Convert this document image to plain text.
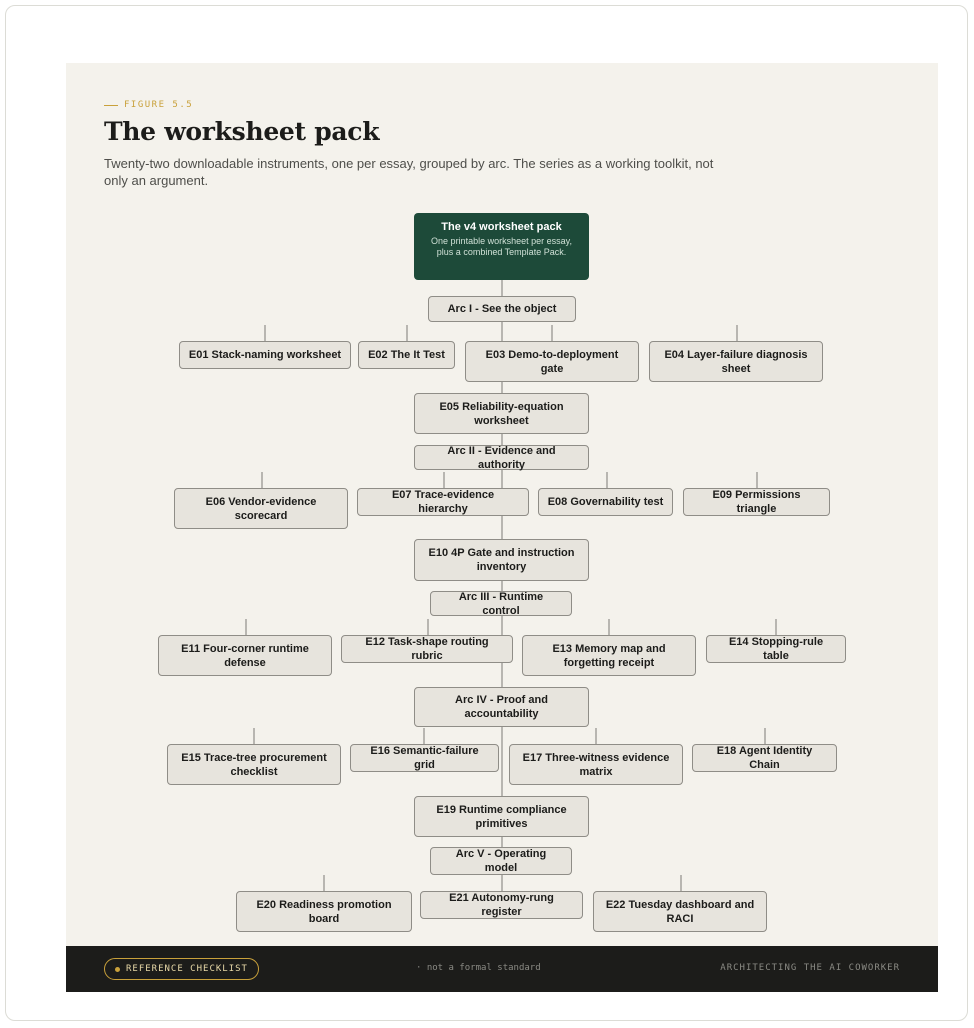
FIGURE 5.5
The worksheet pack

Twenty-two downloadable instruments, one per essay, grouped by arc. The series as a working toolkit, not only an argument.

The v4 worksheet pack
One printable worksheet per essay, plus a combined Template Pack.
Arc I - See the object
E01 Stack-naming worksheet	E02 The It Test	E03 Demo-to-deployment gate
E04 Layer-failure diagnosis sheet
E05 Reliability-equation worksheet
Arc II - Evidence and authority
E06 Vendor-evidence scorecard
E07 Trace-evidence hierarchy
E08 Governability test
E09 Permissions triangle
E10 4P Gate and instruction inventory
Arc III - Runtime control
E11 Four-corner runtime defense
E12 Task-shape routing rubric
E13 Memory map and forgetting receipt
E14 Stopping-rule table
E15 Trace-tree procurement checklist
Arc IV - Proof and accountability
E16 Semantic-failure grid
E17 Three-witness evidence matrix
E18 Agent Identity Chain
E19 Runtime compliance primitives
Arc V - Operating model
E20 Readiness promotion board
E21 Autonomy-rung register
E22 Tuesday dashboard and RACI
REFERENCE CHECKLIST	· not a formal standard	ARCHITECTING THE AI COWORKER
